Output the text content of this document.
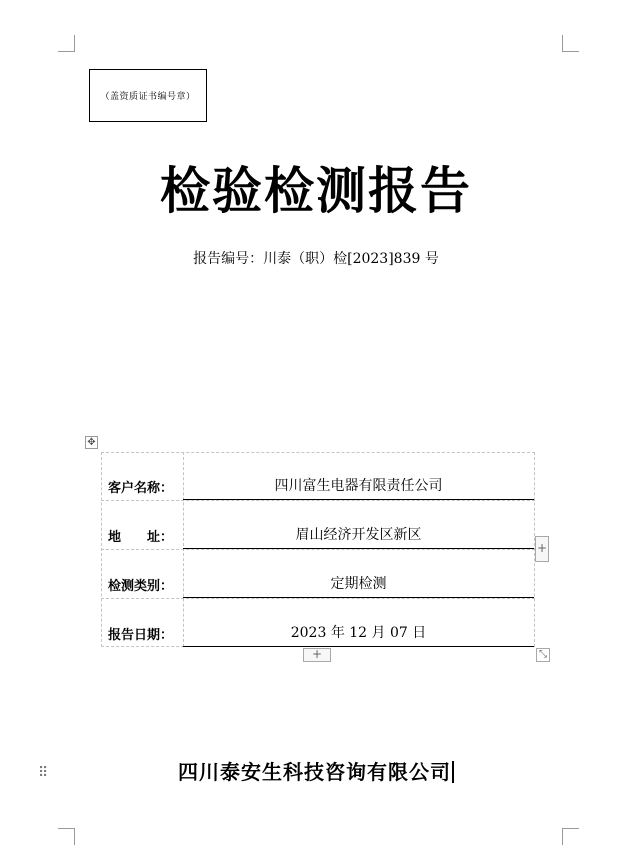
（盖资质证书编号章）
检验检测报告
报告编号：川泰（职）检[2023]839 号
✥
客户名称：	四川富生电器有限责任公司
地　　址：	眉山经济开发区新区
检测类别：	定期检测
报告日期：	2023 年 12 月 07 日
+
+	⤡
⠿	四川泰安生科技咨询有限公司
